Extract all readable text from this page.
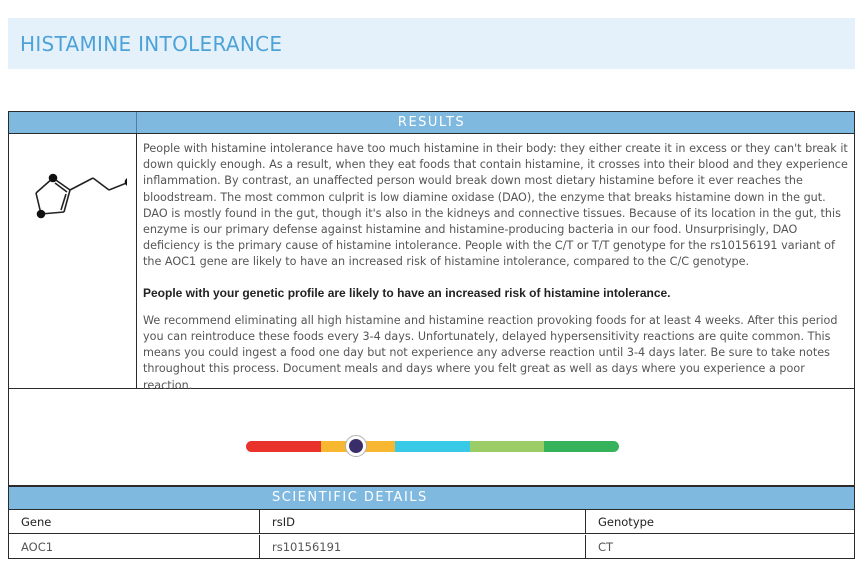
HISTAMINE INTOLERANCE
RESULTS

People with histamine intolerance have too much histamine in their body: they either create it in excess or they can't break it down quickly enough. As a result, when they eat foods that contain histamine, it crosses into their blood and they experience inflammation. By contrast, an unaffected person would break down most dietary histamine before it ever reaches the bloodstream. The most common culprit is low diamine oxidase (DAO), the enzyme that breaks histamine down in the gut. DAO is mostly found in the gut, though it's also in the kidneys and connective tissues. Because of its location in the gut, this enzyme is our primary defense against histamine and histamine-producing bacteria in our food. Unsurprisingly, DAO deficiency is the primary cause of histamine intolerance. People with the C/T or T/T genotype for the rs10156191 variant of the AOC1 gene are likely to have an increased risk of histamine intolerance, compared to the C/C genotype.

People with your genetic profile are likely to have an increased risk of histamine intolerance.

We recommend eliminating all high histamine and histamine reaction provoking foods for at least 4 weeks. After this period you can reintroduce these foods every 3-4 days. Unfortunately, delayed hypersensitivity reactions are quite common. This means you could ingest a food one day but not experience any adverse reaction until 3-4 days later. Be sure to take notes throughout this process. Document meals and days where you felt great as well as days where you experience a poor reaction.

SCIENTIFIC DETAILS
Gene	rsID	Genotype
AOC1	rs10156191	CT
